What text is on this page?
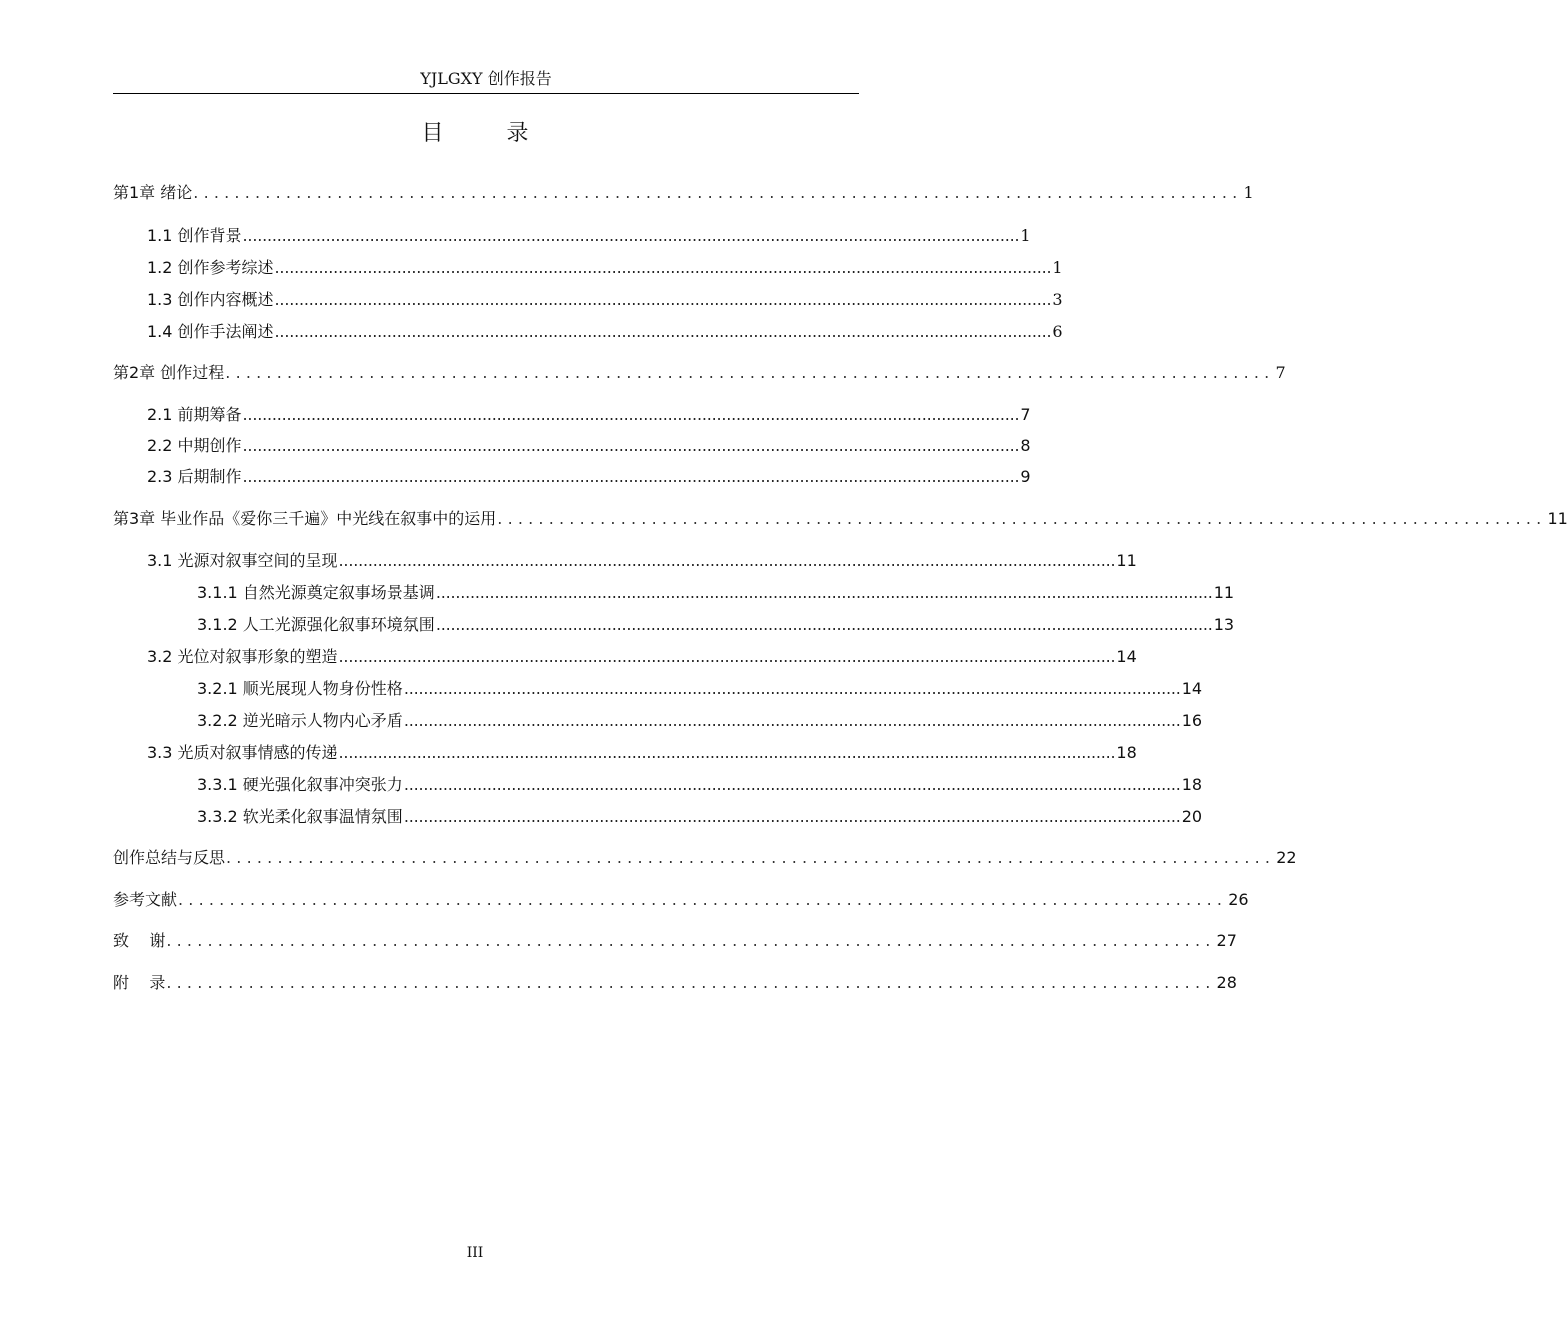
YJLGXY 创作报告
目 录
第1章 绪论 ...................................................................................................... 1
1.1 创作背景 ............................................................................................................................................................... 1
1.2 创作参考综述 ............................................................................................................................................................... 1
1.3 创作内容概述 ............................................................................................................................................................... 3
1.4 创作手法阐述 ............................................................................................................................................................... 6
第2章 创作过程 ...................................................................................................... 7
2.1 前期筹备 ............................................................................................................................................................... 7
2.2 中期创作 ............................................................................................................................................................... 8
2.3 后期制作 ............................................................................................................................................................... 9
第3章 毕业作品《爱你三千遍》中光线在叙事中的运用 ...................................................................................................... 11
3.1 光源对叙事空间的呈现 ............................................................................................................................................................... 11
3.1.1 自然光源奠定叙事场景基调 ............................................................................................................................................................... 11
3.1.2 人工光源强化叙事环境氛围 ............................................................................................................................................................... 13
3.2 光位对叙事形象的塑造 ............................................................................................................................................................... 14
3.2.1 顺光展现人物身份性格 ............................................................................................................................................................... 14
3.2.2 逆光暗示人物内心矛盾 ............................................................................................................................................................... 16
3.3 光质对叙事情感的传递 ............................................................................................................................................................... 18
3.3.1 硬光强化叙事冲突张力 ............................................................................................................................................................... 18
3.3.2 软光柔化叙事温情氛围 ............................................................................................................................................................... 20
创作总结与反思 ...................................................................................................... 22
参考文献 ...................................................................................................... 26
致    谢 ...................................................................................................... 27
附    录 ...................................................................................................... 28
III
